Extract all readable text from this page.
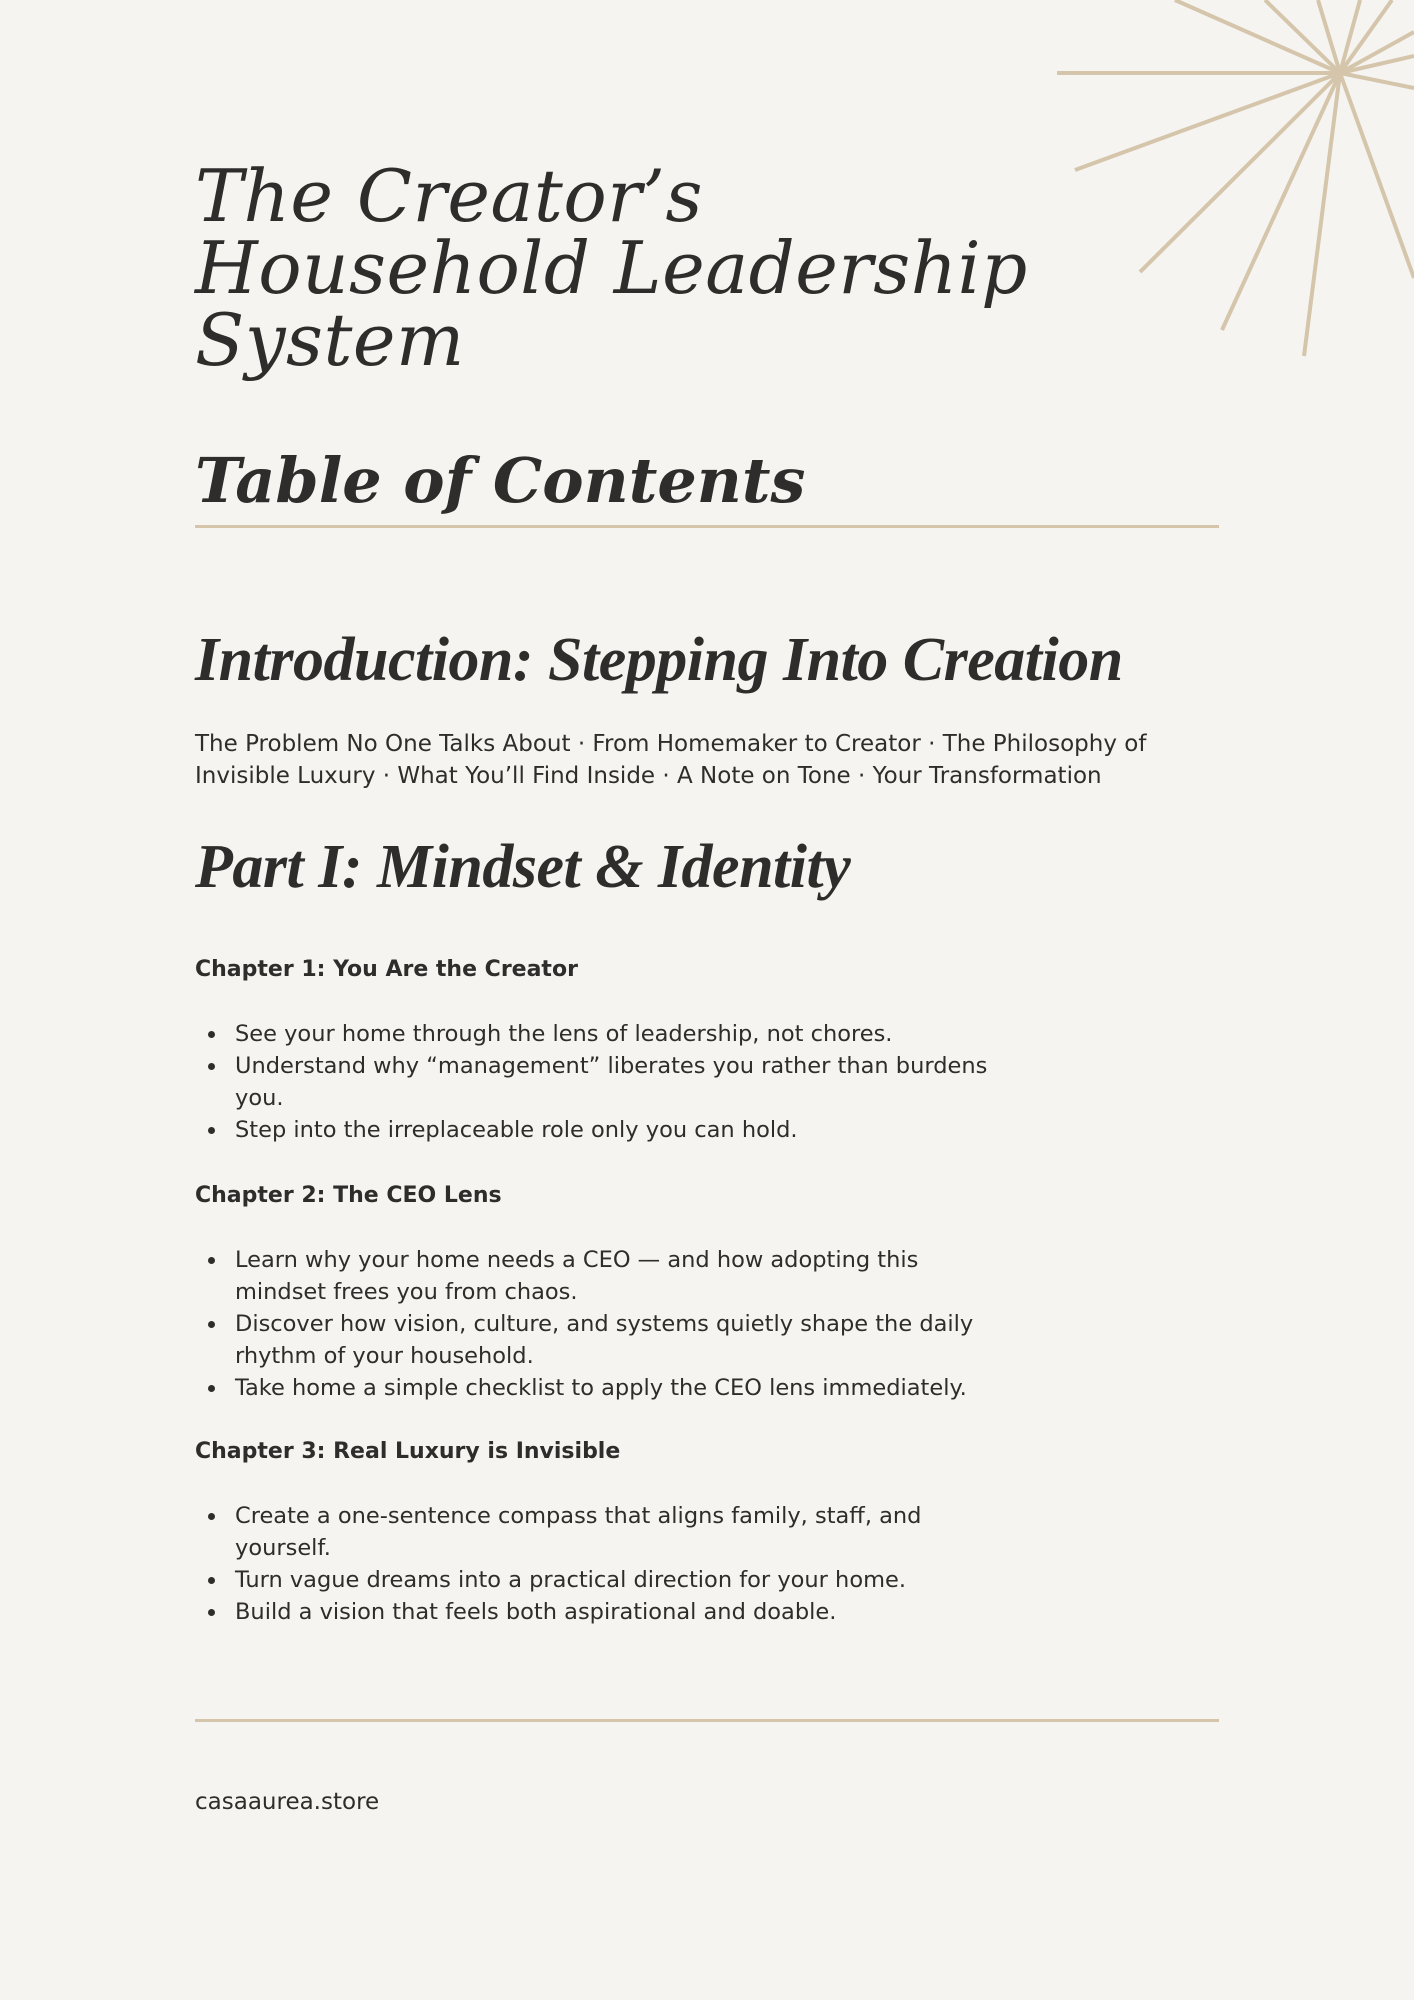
The Creator’s

Household Leadership

System

Table of Contents
Introduction: Stepping Into Creation

The Problem No One Talks About · From Homemaker to Creator · The Philosophy of Invisible Luxury · What You’ll Find Inside · A Note on Tone · Your Transformation

Part I: Mindset & Identity

Chapter 1: You Are the Creator

See your home through the lens of leadership, not chores.
Understand why “management” liberates you rather than burdens you.
Step into the irreplaceable role only you can hold.

Chapter 2: The CEO Lens

Learn why your home needs a CEO — and how adopting this mindset frees you from chaos.
Discover how vision, culture, and systems quietly shape the daily rhythm of your household.
Take home a simple checklist to apply the CEO lens immediately.

Chapter 3: Real Luxury is Invisible

Create a one-sentence compass that aligns family, staff, and yourself.
Turn vague dreams into a practical direction for your home.
Build a vision that feels both aspirational and doable.

casaaurea.store
